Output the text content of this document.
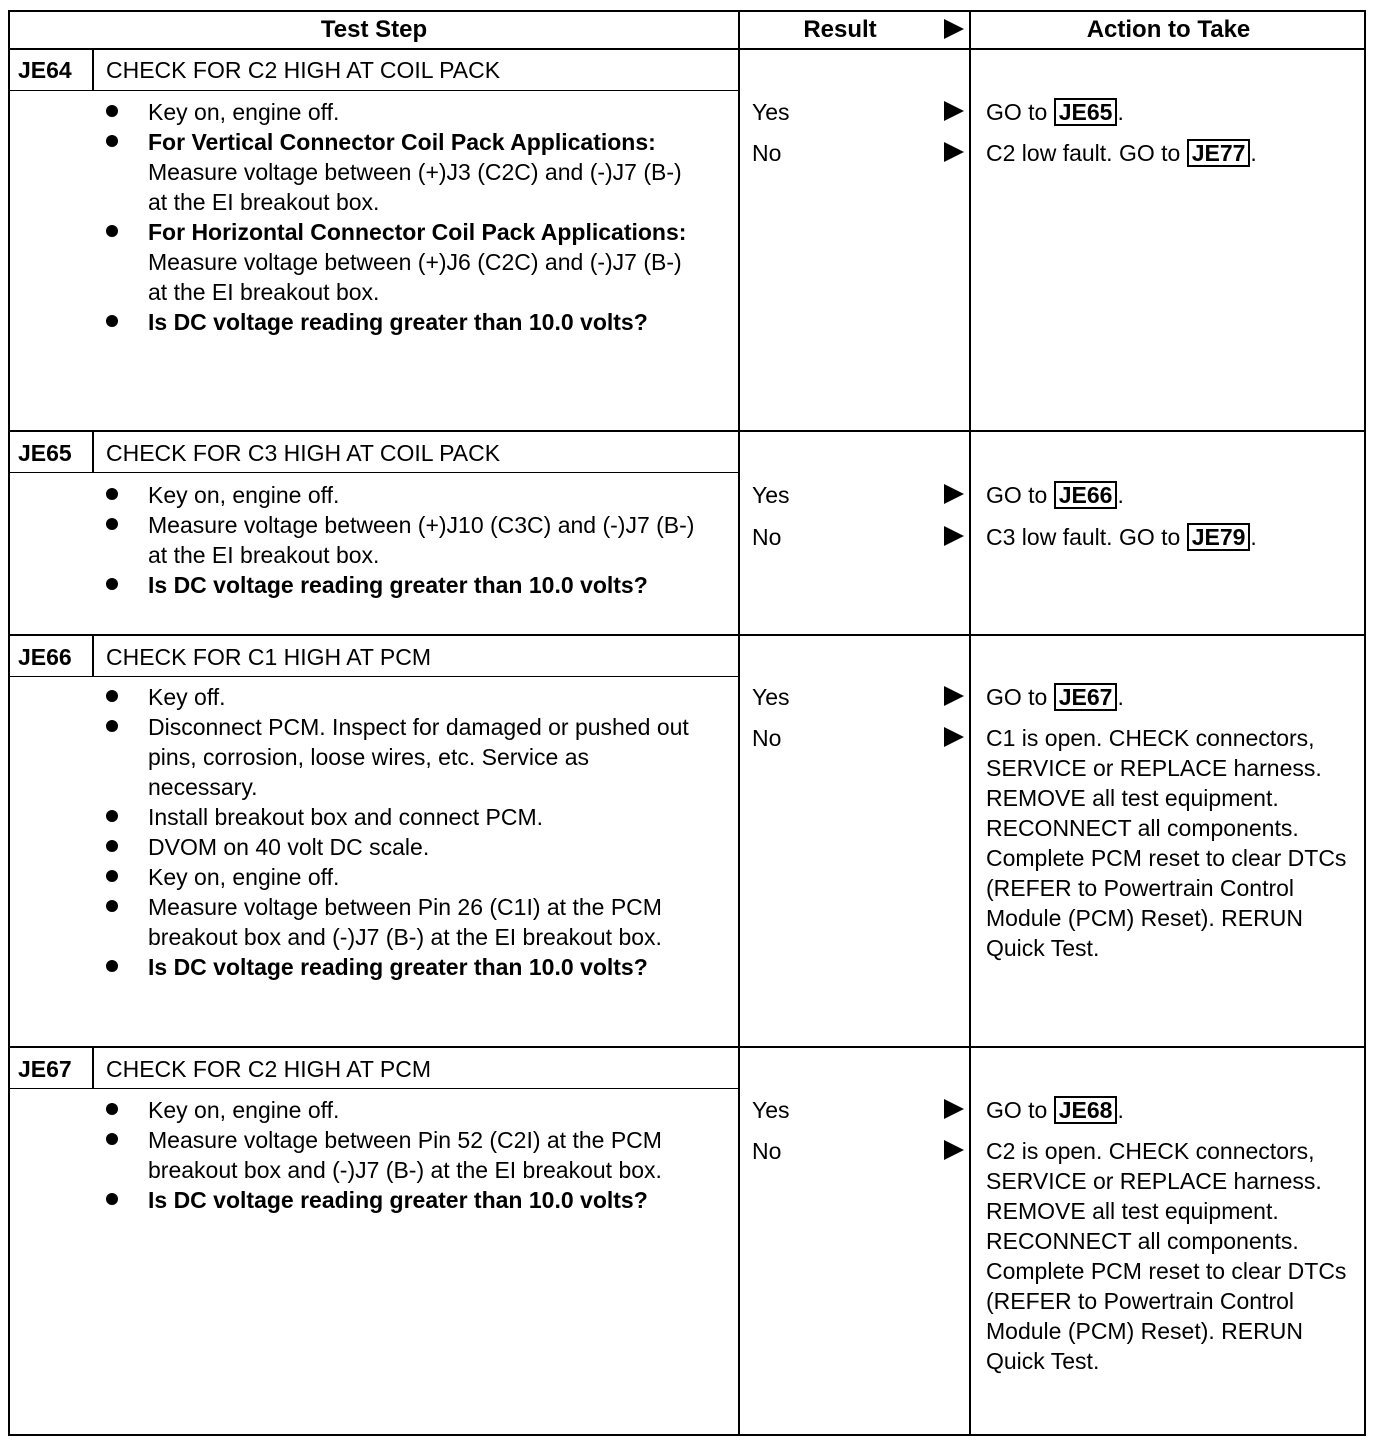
Test Step	Result	Action to Take
JE64	CHECK FOR C2 HIGH AT COIL PACK
Key on, engine off.
For Vertical Connector Coil Pack Applications: Measure voltage between (+)J3 (C2C) and (-)J7 (B-) at the EI breakout box.
For Horizontal Connector Coil Pack Applications: Measure voltage between (+)J6 (C2C) and (-)J7 (B-) at the EI breakout box.
Is DC voltage reading greater than 10.0 volts?
Yes	GO to JE65 .
No	C2 low fault. GO to JE77 .
JE65	CHECK FOR C3 HIGH AT COIL PACK
Key on, engine off.
Measure voltage between (+)J10 (C3C) and (-)J7 (B-) at the EI breakout box.
Is DC voltage reading greater than 10.0 volts?
Yes	GO to JE66 .
No	C3 low fault. GO to JE79 .
JE66	CHECK FOR C1 HIGH AT PCM
Key off.
Disconnect PCM. Inspect for damaged or pushed out pins, corrosion, loose wires, etc. Service as necessary.
Install breakout box and connect PCM.
DVOM on 40 volt DC scale.
Key on, engine off.
Measure voltage between Pin 26 (C1I) at the PCM breakout box and (-)J7 (B-) at the EI breakout box.
Is DC voltage reading greater than 10.0 volts?
Yes	GO to JE67 .
No	C1 is open. CHECK connectors, SERVICE or REPLACE harness. REMOVE all test equipment. RECONNECT all components. Complete PCM reset to clear DTCs (REFER to Powertrain Control Module (PCM) Reset). RERUN Quick Test.
JE67	CHECK FOR C2 HIGH AT PCM
Key on, engine off.
Measure voltage between Pin 52 (C2I) at the PCM breakout box and (-)J7 (B-) at the EI breakout box.
Is DC voltage reading greater than 10.0 volts?
Yes	GO to JE68 .
No	C2 is open. CHECK connectors, SERVICE or REPLACE harness. REMOVE all test equipment. RECONNECT all components. Complete PCM reset to clear DTCs (REFER to Powertrain Control Module (PCM) Reset). RERUN Quick Test.
